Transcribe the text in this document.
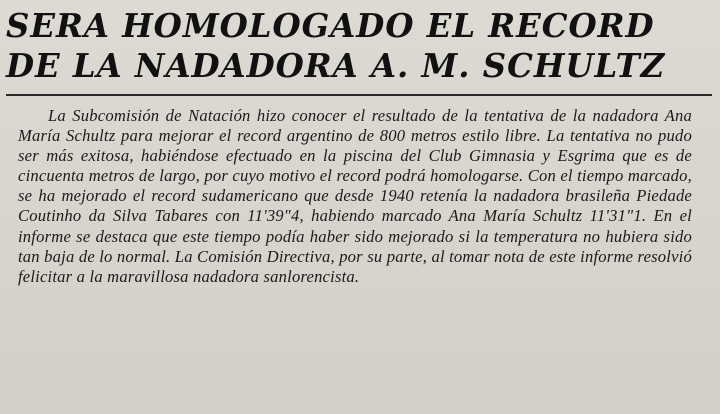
SERA HOMOLOGADO EL RECORD
DE LA NADADORA A. M. SCHULTZ

La Subcomisión de Natación hizo conocer el resultado de la tentativa de la nadadora Ana María Schultz para mejorar el record argentino de 800 metros estilo libre. La tentativa no pudo ser más exitosa, habiéndose efectuado en la piscina del Club Gimnasia y Esgrima que es de cincuenta metros de largo, por cuyo motivo el record podrá homologarse. Con el tiempo marcado, se ha mejorado el record sudamericano que desde 1940 retenía la nadadora brasileña Piedade Coutinho da Silva Tabares con 11'39"4, habiendo marcado Ana María Schultz 11'31"1. En el informe se destaca que este tiempo podía haber sido mejorado si la temperatura no hubiera sido tan baja de lo normal. La Comisión Directiva, por su parte, al tomar nota de este informe resolvió felicitar a la maravillosa nadadora sanlorencista.
